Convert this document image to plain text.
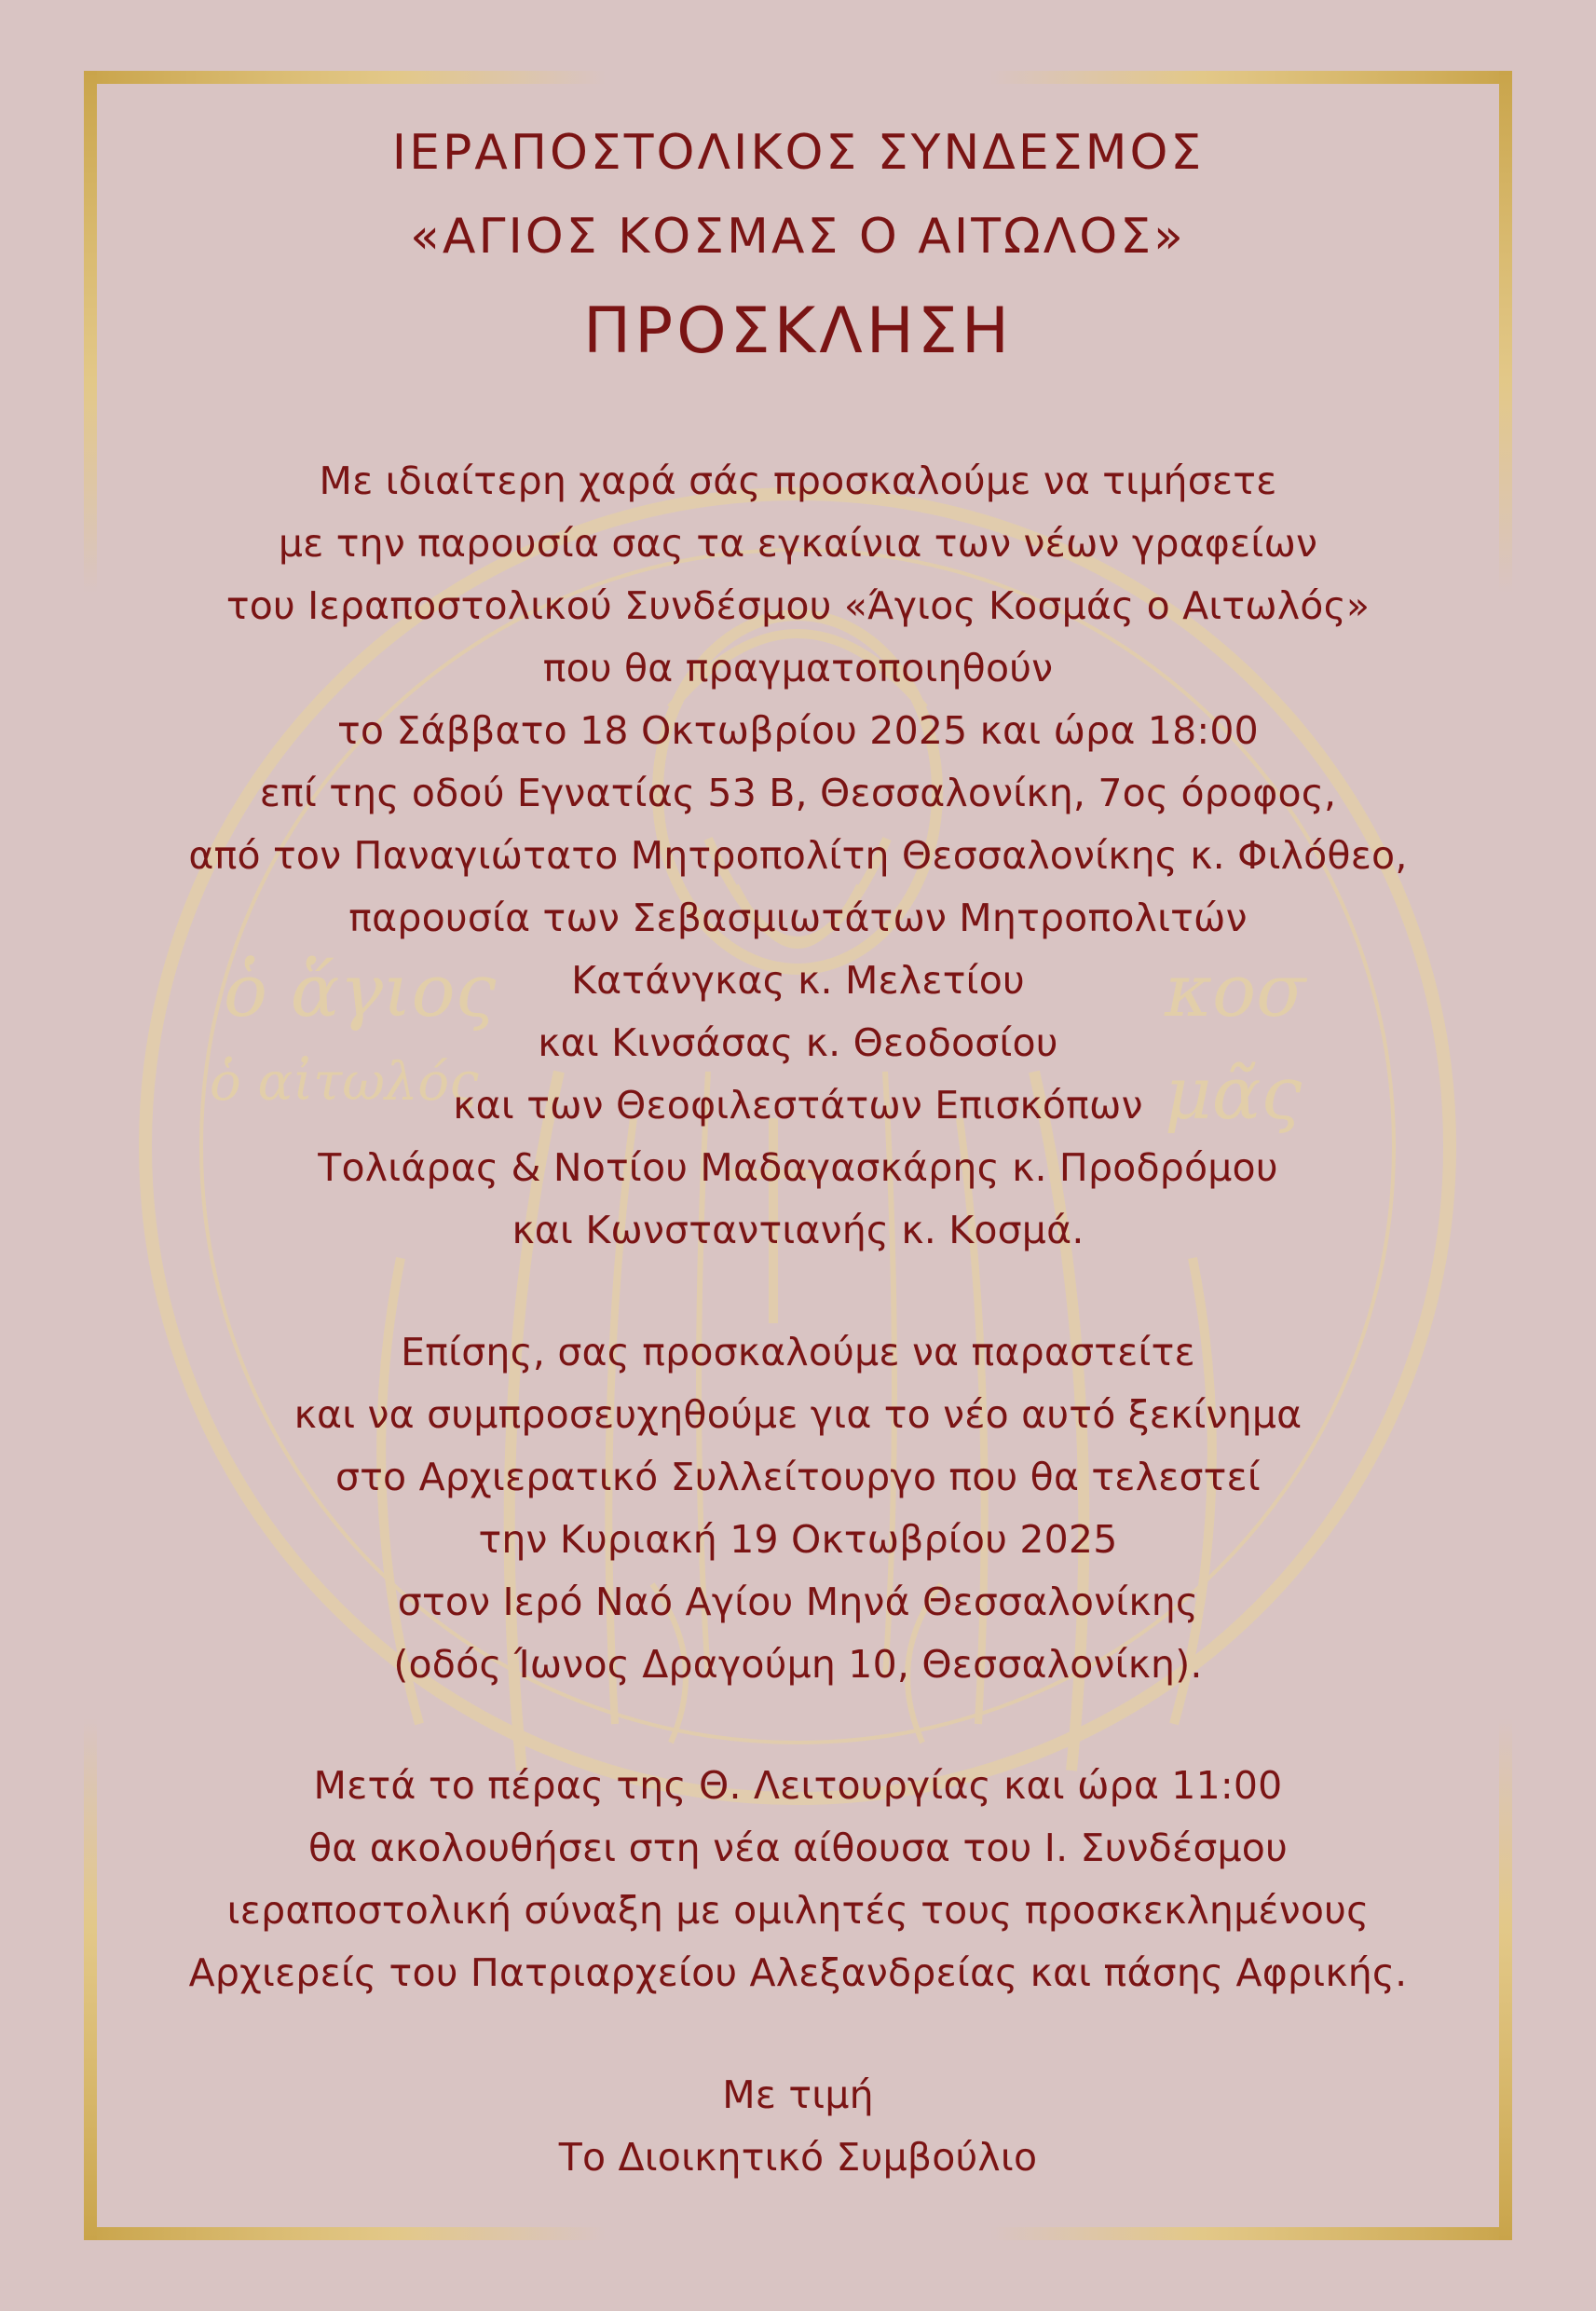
ὁ ἅγιος
ὁ αἰτωλός
κοσ
μᾶς
ΙΕΡΑΠΟΣΤΟΛΙΚΟΣ ΣΥΝΔΕΣΜΟΣ
«ΑΓΙΟΣ ΚΟΣΜΑΣ Ο ΑΙΤΩΛΟΣ»
ΠΡΟΣΚΛΗΣΗ
Με ιδιαίτερη χαρά σάς προσκαλούμε να τιμήσετε
με την παρουσία σας τα εγκαίνια των νέων γραφείων
του Ιεραποστολικού Συνδέσμου «Άγιος Κοσμάς ο Αιτωλός»
που θα πραγματοποιηθούν
το Σάββατο 18 Οκτωβρίου 2025 και ώρα 18:00
επί της οδού Εγνατίας 53 Β, Θεσσαλονίκη, 7ος όροφος,
από τον Παναγιώτατο Μητροπολίτη Θεσσαλονίκης κ. Φιλόθεο,
παρουσία των Σεβασμιωτάτων Μητροπολιτών
Κατάνγκας κ. Μελετίου
και Κινσάσας κ. Θεοδοσίου
και των Θεοφιλεστάτων Επισκόπων
Τολιάρας & Νοτίου Μαδαγασκάρης κ. Προδρόμου
και Κωνσταντιανής κ. Κοσμά.
Επίσης, σας προσκαλούμε να παραστείτε
και να συμπροσευχηθούμε για το νέο αυτό ξεκίνημα
στο Αρχιερατικό Συλλείτουργο που θα τελεστεί
την Κυριακή 19 Οκτωβρίου 2025
στον Ιερό Ναό Αγίου Μηνά Θεσσαλονίκης
(οδός Ίωνος Δραγούμη 10, Θεσσαλονίκη).
Μετά το πέρας της Θ. Λειτουργίας και ώρα 11:00
θα ακολουθήσει στη νέα αίθουσα του Ι. Συνδέσμου
ιεραποστολική σύναξη με ομιλητές τους προσκεκλημένους
Αρχιερείς του Πατριαρχείου Αλεξανδρείας και πάσης Αφρικής.
Με τιμή
Το Διοικητικό Συμβούλιο
